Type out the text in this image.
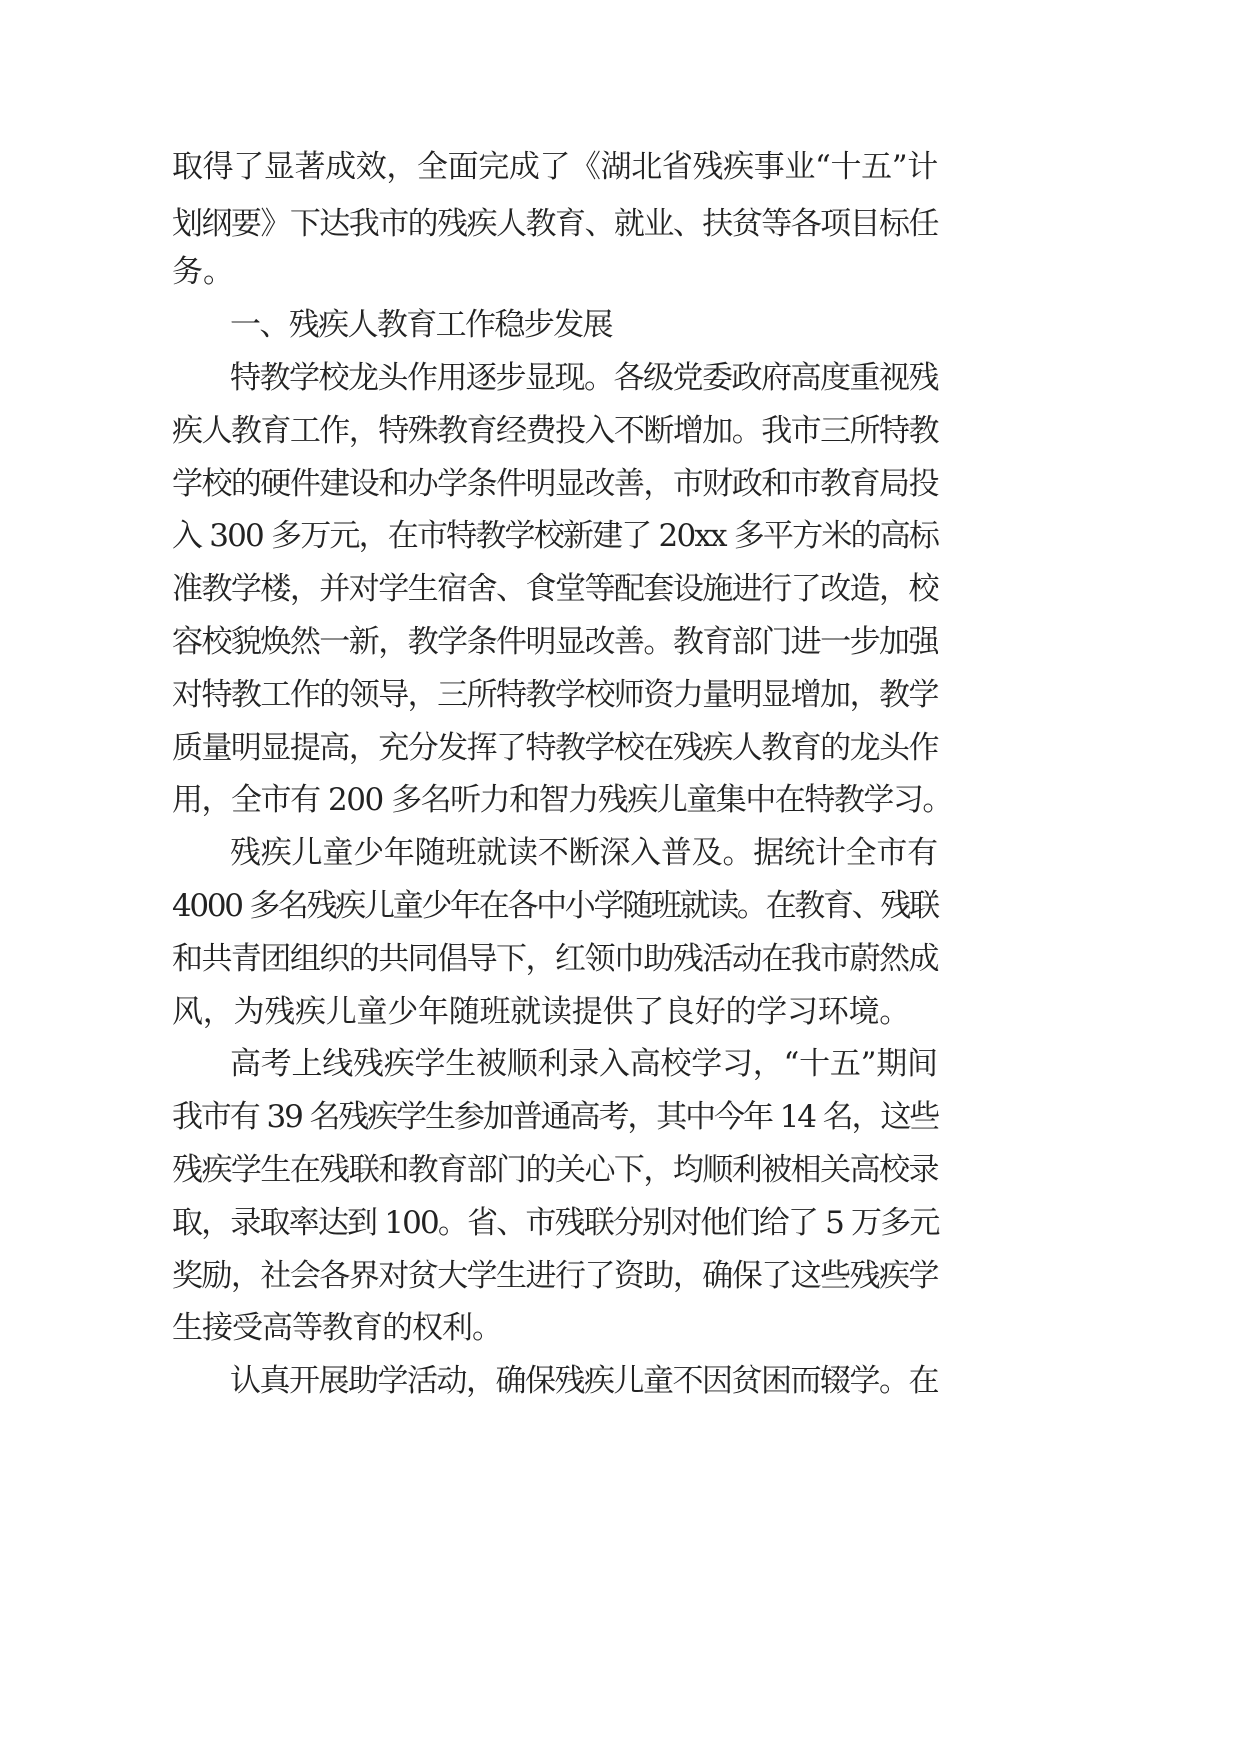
取得了显著成效，全面完成了《湖北省残疾事业“十五”计
划纲要》下达我市的残疾人教育、就业、扶贫等各项目标任
务。
一、残疾人教育工作稳步发展
特教学校龙头作用逐步显现。各级党委政府高度重视残
疾人教育工作，特殊教育经费投入不断增加。我市三所特教
学校的硬件建设和办学条件明显改善，市财政和市教育局投
入 300 多万元，在市特教学校新建了 20xx 多平方米的高标
准教学楼，并对学生宿舍、食堂等配套设施进行了改造，校
容校貌焕然一新，教学条件明显改善。教育部门进一步加强
对特教工作的领导，三所特教学校师资力量明显增加，教学
质量明显提高，充分发挥了特教学校在残疾人教育的龙头作
用，全市有 200 多名听力和智力残疾儿童集中在特教学习。
残疾儿童少年随班就读不断深入普及。据统计全市有
4000 多名残疾儿童少年在各中小学随班就读。在教育、残联
和共青团组织的共同倡导下，红领巾助残活动在我市蔚然成
风，为残疾儿童少年随班就读提供了良好的学习环境。
高考上线残疾学生被顺利录入高校学习，“十五”期间
我市有 39 名残疾学生参加普通高考，其中今年 14 名，这些
残疾学生在残联和教育部门的关心下，均顺利被相关高校录
取，录取率达到 100。省、市残联分别对他们给了 5 万多元
奖励，社会各界对贫大学生进行了资助，确保了这些残疾学
生接受高等教育的权利。
认真开展助学活动，确保残疾儿童不因贫困而辍学。在
